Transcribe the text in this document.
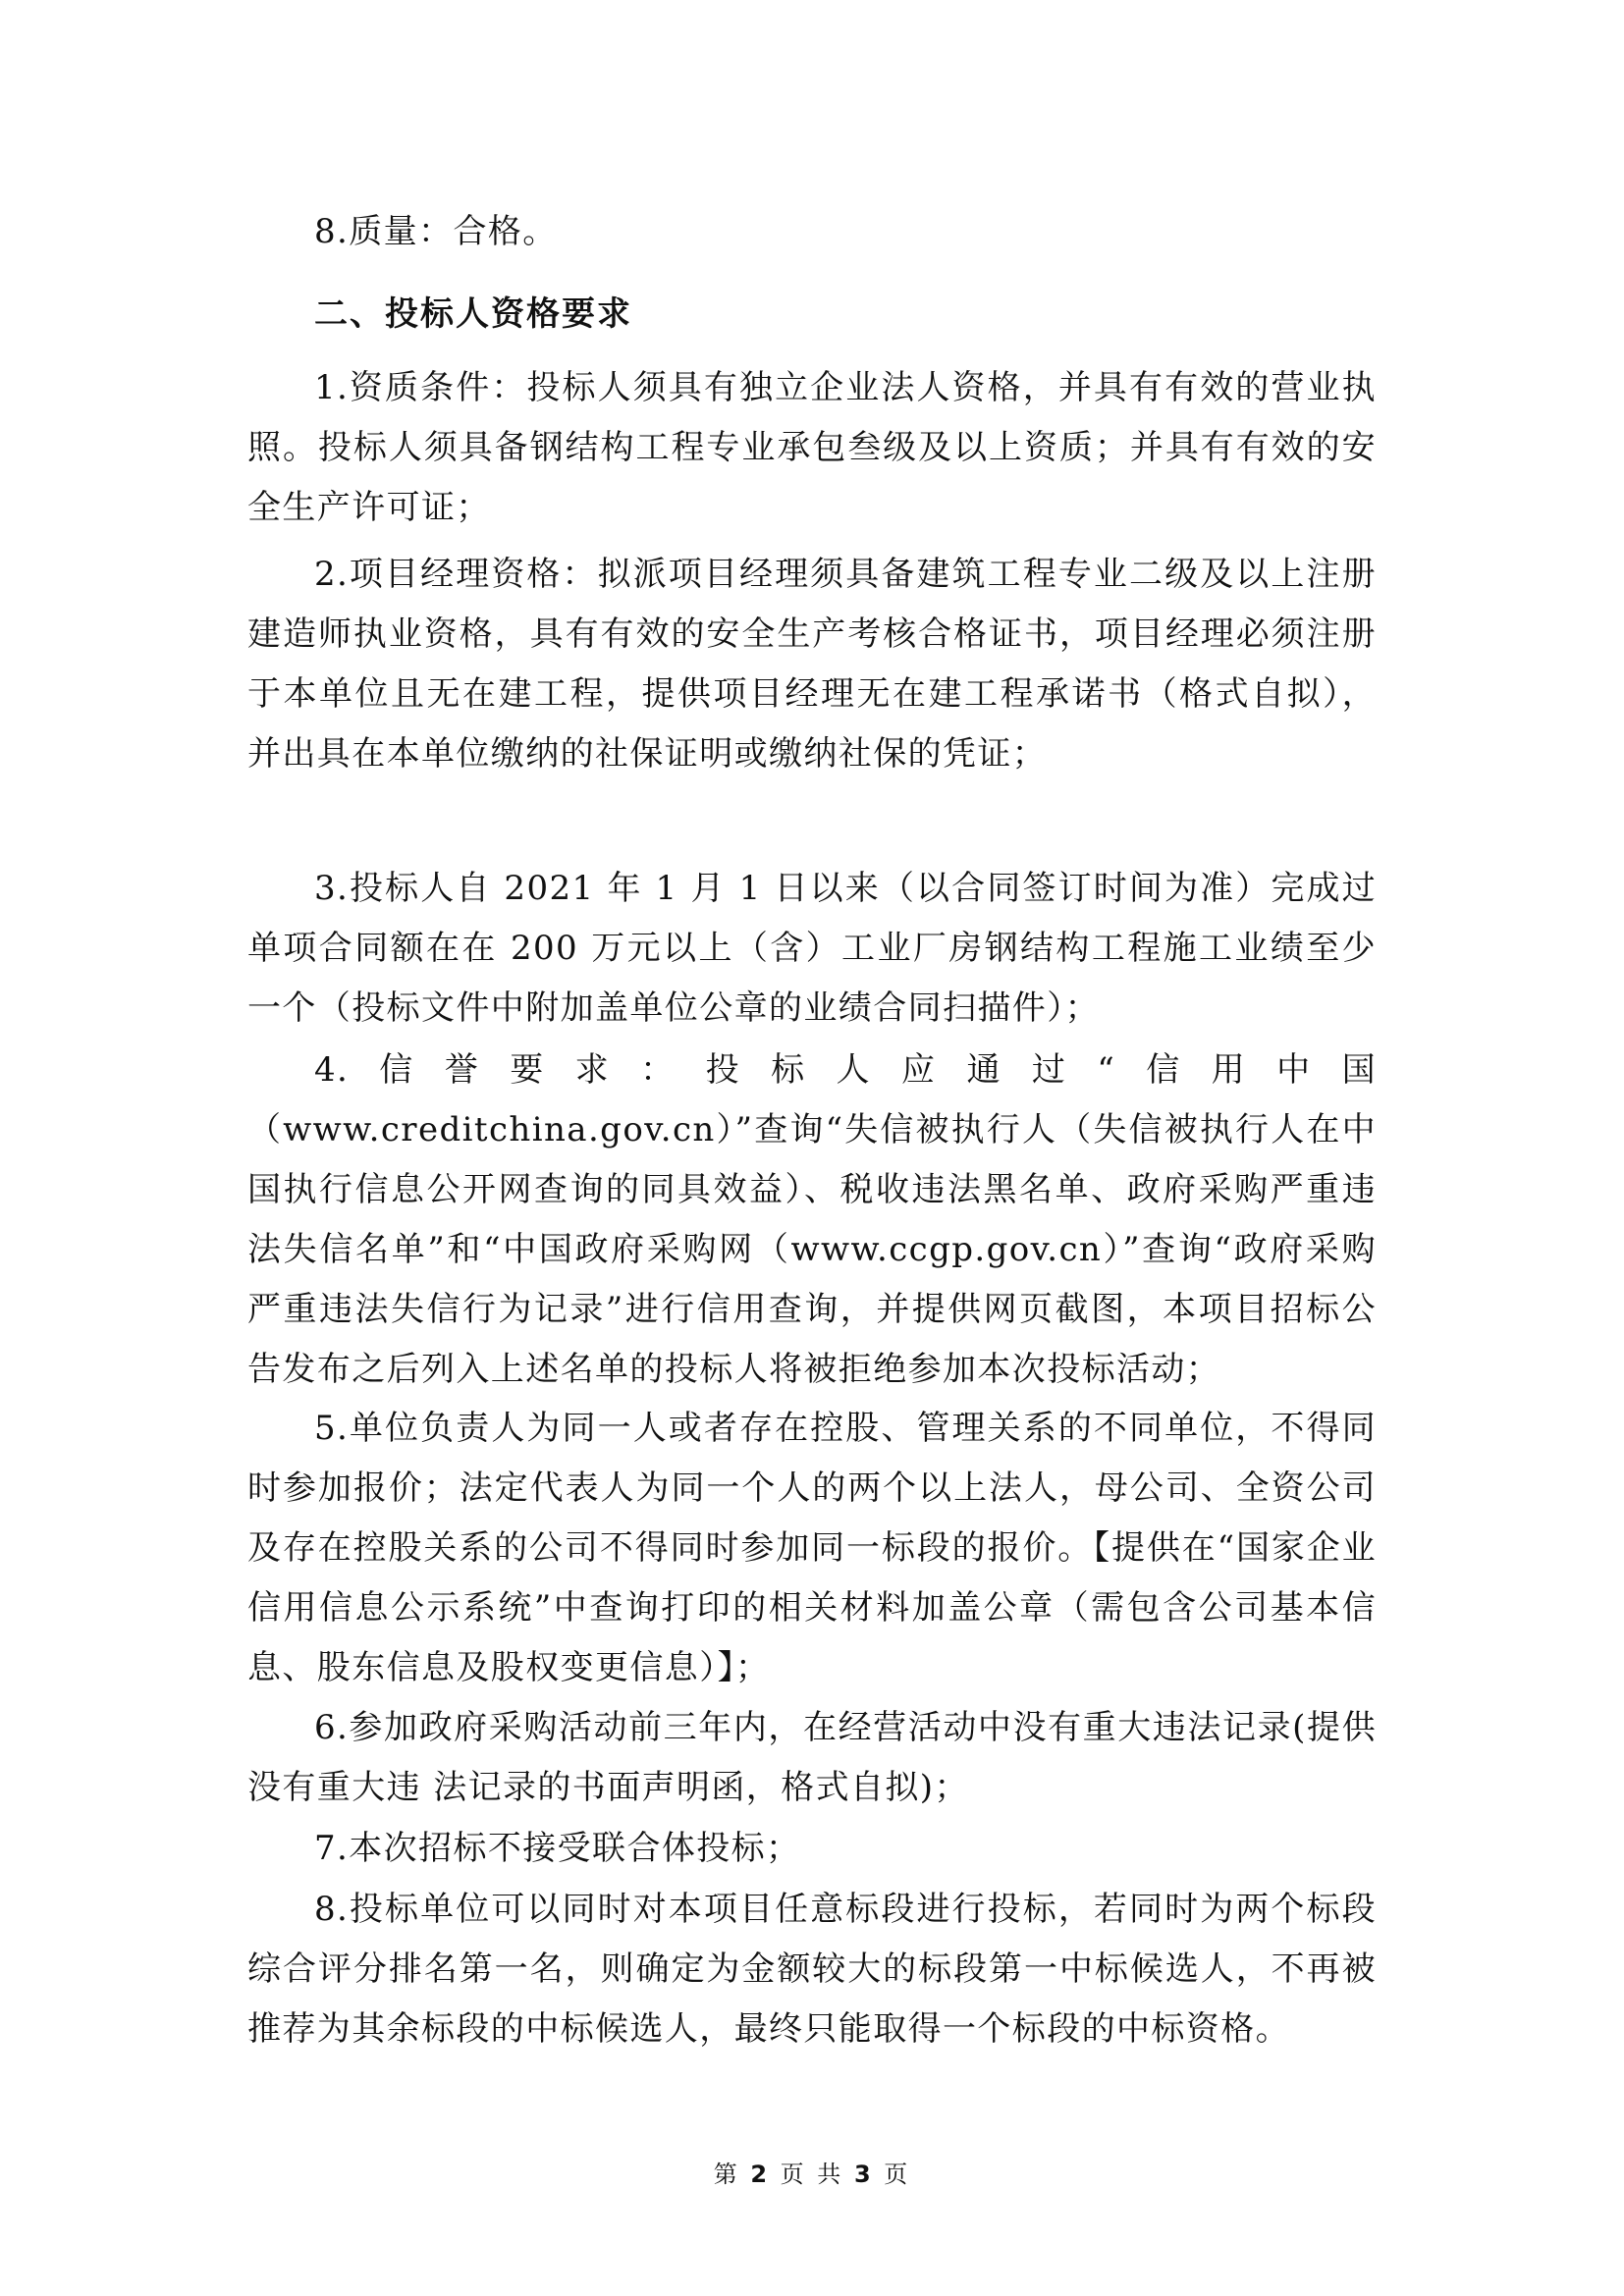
8.质量：合格。

二、投标人资格要求

1.资质条件：投标人须具有独立企业法人资格，并具有有效的营业执照。投标人须具备钢结构工程专业承包叁级及以上资质；并具有有效的安全生产许可证；

2.项目经理资格：拟派项目经理须具备建筑工程专业二级及以上注册建造师执业资格，具有有效的安全生产考核合格证书，项目经理必须注册于本单位且无在建工程，提供项目经理无在建工程承诺书（格式自拟），并出具在本单位缴纳的社保证明或缴纳社保的凭证；

3.投标人自 2021 年 1 月 1 日以来（以合同签订时间为准）完成过单项合同额在在 200 万元以上（含）工业厂房钢结构工程施工业绩至少一个（投标文件中附加盖单位公章的业绩合同扫描件）；

4.信誉要求：投标人应通过“信用中国（www.creditchina.gov.cn）”查询“失信被执行人（失信被执行人在中国执行信息公开网查询的同具效益）、税收违法黑名单、政府采购严重违法失信名单”和“中国政府采购网（www.ccgp.gov.cn）”查询“政府采购严重违法失信行为记录”进行信用查询，并提供网页截图，本项目招标公告发布之后列入上述名单的投标人将被拒绝参加本次投标活动；

5.单位负责人为同一人或者存在控股、管理关系的不同单位，不得同时参加报价；法定代表人为同一个人的两个以上法人，母公司、全资公司及存在控股关系的公司不得同时参加同一标段的报价。【提供在“国家企业信用信息公示系统”中查询打印的相关材料加盖公章（需包含公司基本信息、股东信息及股权变更信息）】；

6.参加政府采购活动前三年内，在经营活动中没有重大违法记录(提供没有重大违 法记录的书面声明函，格式自拟)；

7.本次招标不接受联合体投标；

8.投标单位可以同时对本项目任意标段进行投标，若同时为两个标段综合评分排名第一名，则确定为金额较大的标段第一中标候选人，不再被推荐为其余标段的中标候选人，最终只能取得一个标段的中标资格。

第 2 页 共 3 页
